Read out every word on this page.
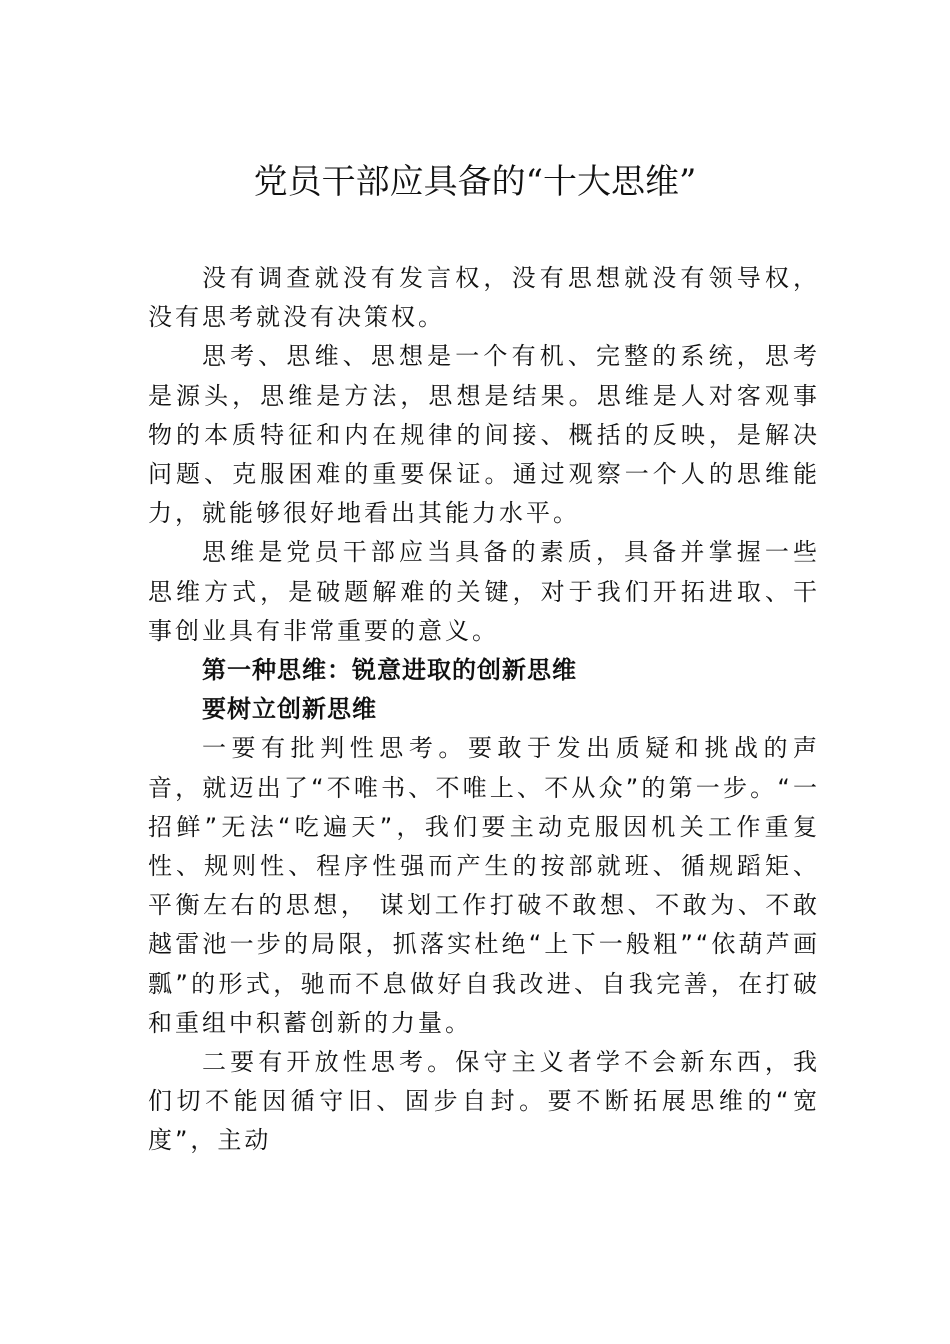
党员干部应具备的“十大思维”

没有调查就没有发言权，没有思想就没有领导权，没有思考就没有决策权。

思考、思维、思想是一个有机、完整的系统，思考是源头，思维是方法，思想是结果。思维是人对客观事物的本质特征和内在规律的间接、概括的反映，是解决问题、克服困难的重要保证。通过观察一个人的思维能力，就能够很好地看出其能力水平。

思维是党员干部应当具备的素质，具备并掌握一些思维方式，是破题解难的关键，对于我们开拓进取、干事创业具有非常重要的意义。

第一种思维：锐意进取的创新思维

要树立创新思维

一要有批判性思考。要敢于发出质疑和挑战的声音，就迈出了“不唯书、不唯上、不从众”的第一步。“一招鲜”无法“吃遍天”，我们要主动克服因机关工作重复性、规则性、程序性强而产生的按部就班、循规蹈矩、平衡左右的思想， 谋划工作打破不敢想、不敢为、不敢越雷池一步的局限，抓落实杜绝“上下一般粗”“依葫芦画瓢”的形式，驰而不息做好自我改进、自我完善，在打破和重组中积蓄创新的力量。

二要有开放性思考。保守主义者学不会新东西，我们切不能因循守旧、固步自封。要不断拓展思维的“宽度”，主动
